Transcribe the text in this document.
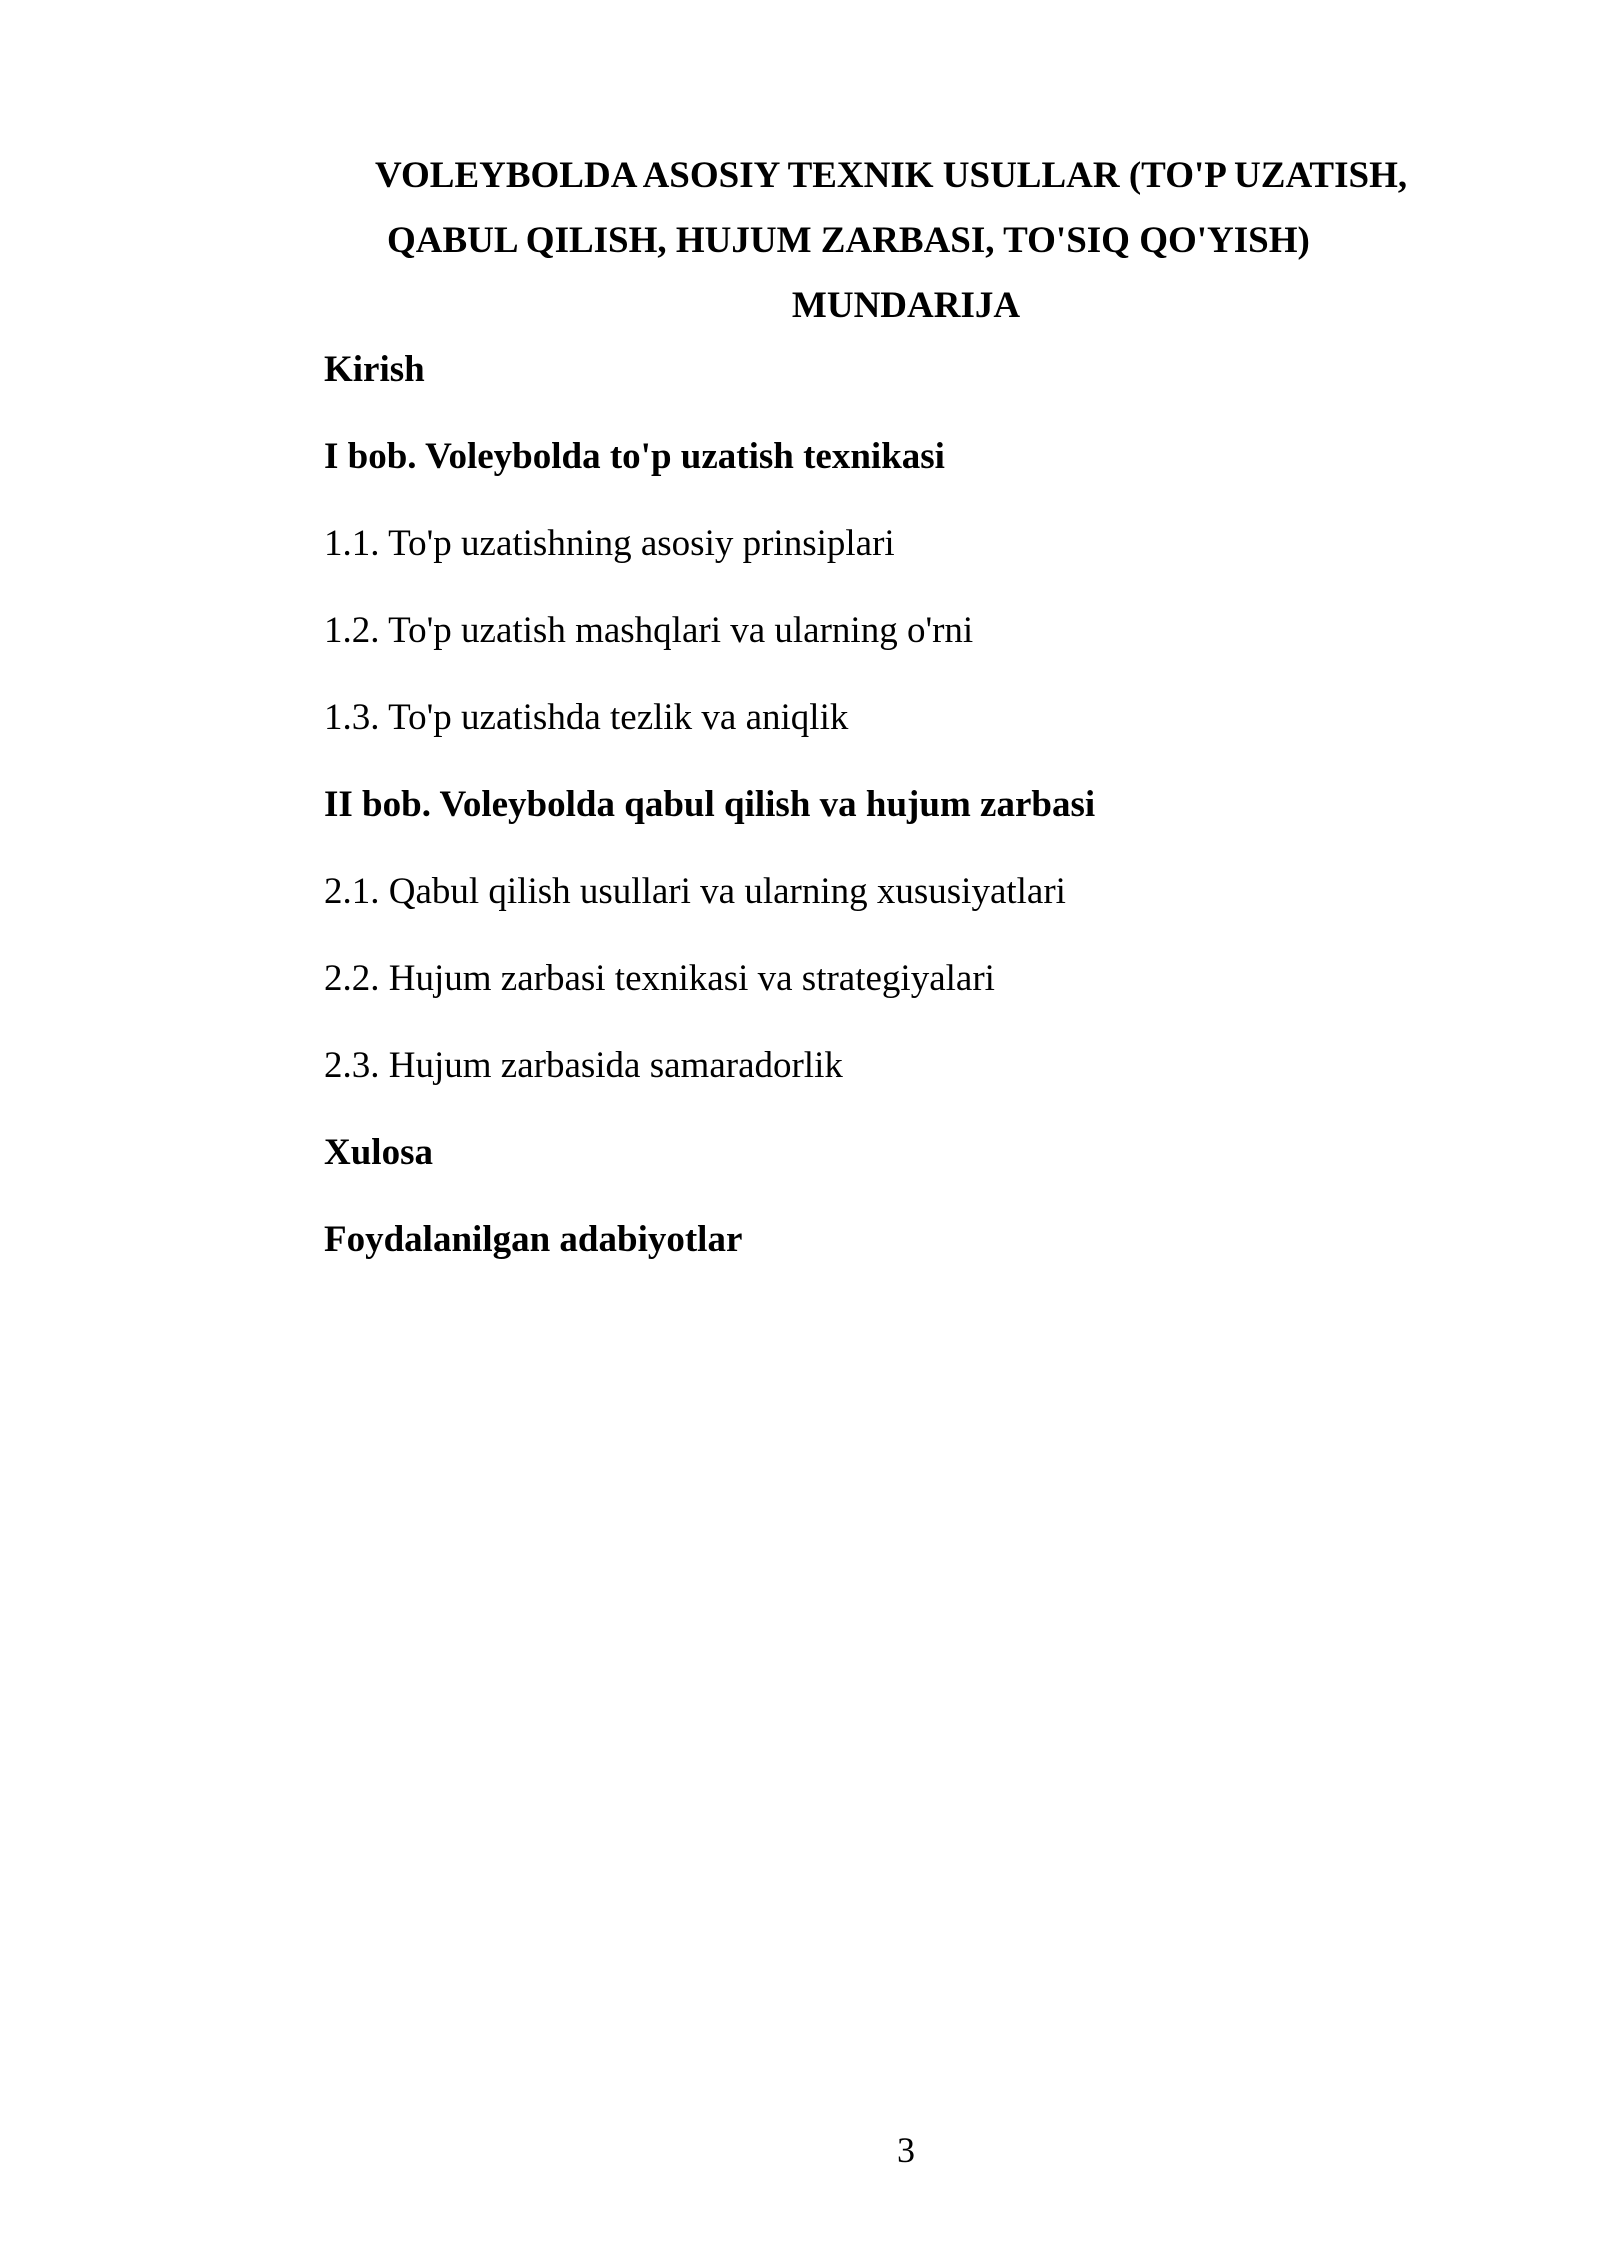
VOLEYBOLDA ASOSIY TEXNIK USULLAR (TO'P UZATISH,
QABUL QILISH, HUJUM ZARBASI, TO'SIQ QO'YISH)
MUNDARIJA
Kirish
I bob. Voleybolda to'p uzatish texnikasi
1.1. To'p uzatishning asosiy prinsiplari
1.2. To'p uzatish mashqlari va ularning o'rni
1.3. To'p uzatishda tezlik va aniqlik
II bob. Voleybolda qabul qilish va hujum zarbasi
2.1. Qabul qilish usullari va ularning xususiyatlari
2.2. Hujum zarbasi texnikasi va strategiyalari
2.3. Hujum zarbasida samaradorlik
Xulosa
Foydalanilgan adabiyotlar
3
